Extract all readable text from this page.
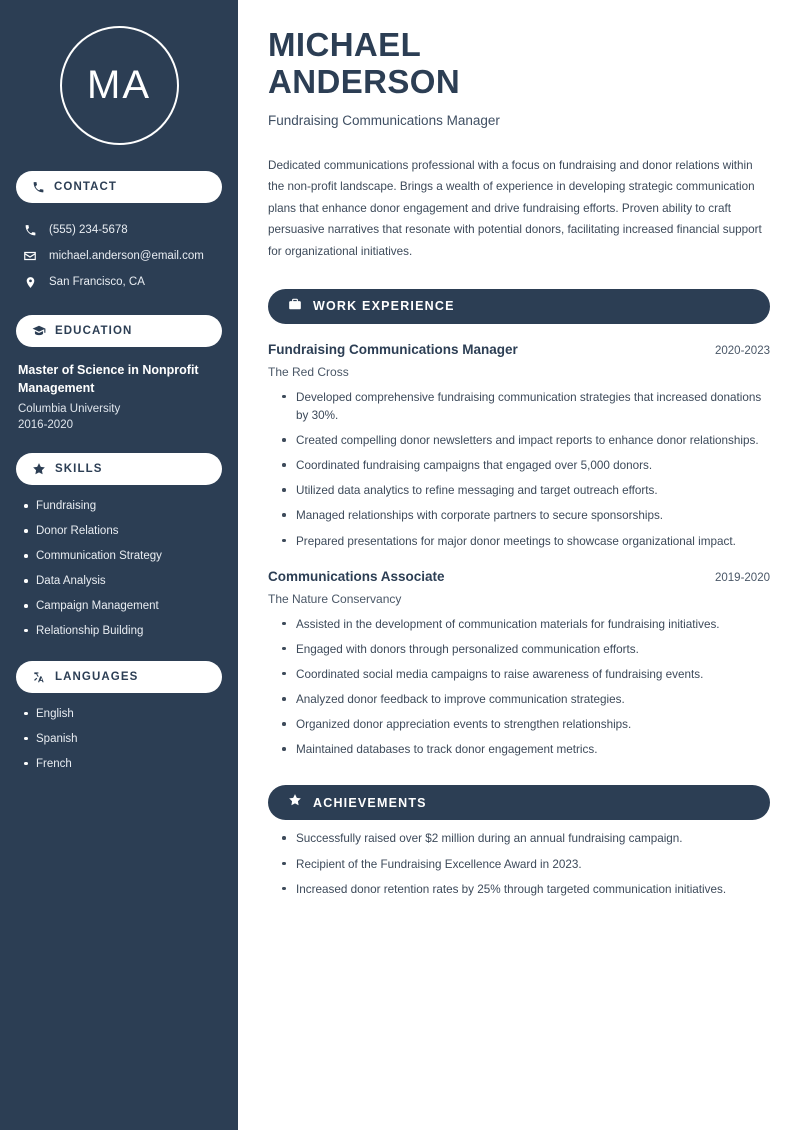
MA
CONTACT
(555) 234-5678
michael.anderson@email.com
San Francisco, CA
EDUCATION
Master of Science in Nonprofit Management
Columbia University
2016-2020
SKILLS
Fundraising
Donor Relations
Communication Strategy
Data Analysis
Campaign Management
Relationship Building
LANGUAGES
English
Spanish
French
MICHAEL
ANDERSON
Fundraising Communications Manager

Dedicated communications professional with a focus on fundraising and donor relations within the non-profit landscape. Brings a wealth of experience in developing strategic communication plans that enhance donor engagement and drive fundraising efforts. Proven ability to craft persuasive narratives that resonate with potential donors, facilitating increased financial support for organizational initiatives.

WORK EXPERIENCE
Fundraising Communications Manager	2020-2023
The Red Cross
Developed comprehensive fundraising communication strategies that increased donations by 30%.
Created compelling donor newsletters and impact reports to enhance donor relationships.
Coordinated fundraising campaigns that engaged over 5,000 donors.
Utilized data analytics to refine messaging and target outreach efforts.
Managed relationships with corporate partners to secure sponsorships.
Prepared presentations for major donor meetings to showcase organizational impact.
Communications Associate	2019-2020
The Nature Conservancy
Assisted in the development of communication materials for fundraising initiatives.
Engaged with donors through personalized communication efforts.
Coordinated social media campaigns to raise awareness of fundraising events.
Analyzed donor feedback to improve communication strategies.
Organized donor appreciation events to strengthen relationships.
Maintained databases to track donor engagement metrics.
ACHIEVEMENTS
Successfully raised over $2 million during an annual fundraising campaign.
Recipient of the Fundraising Excellence Award in 2023.
Increased donor retention rates by 25% through targeted communication initiatives.
